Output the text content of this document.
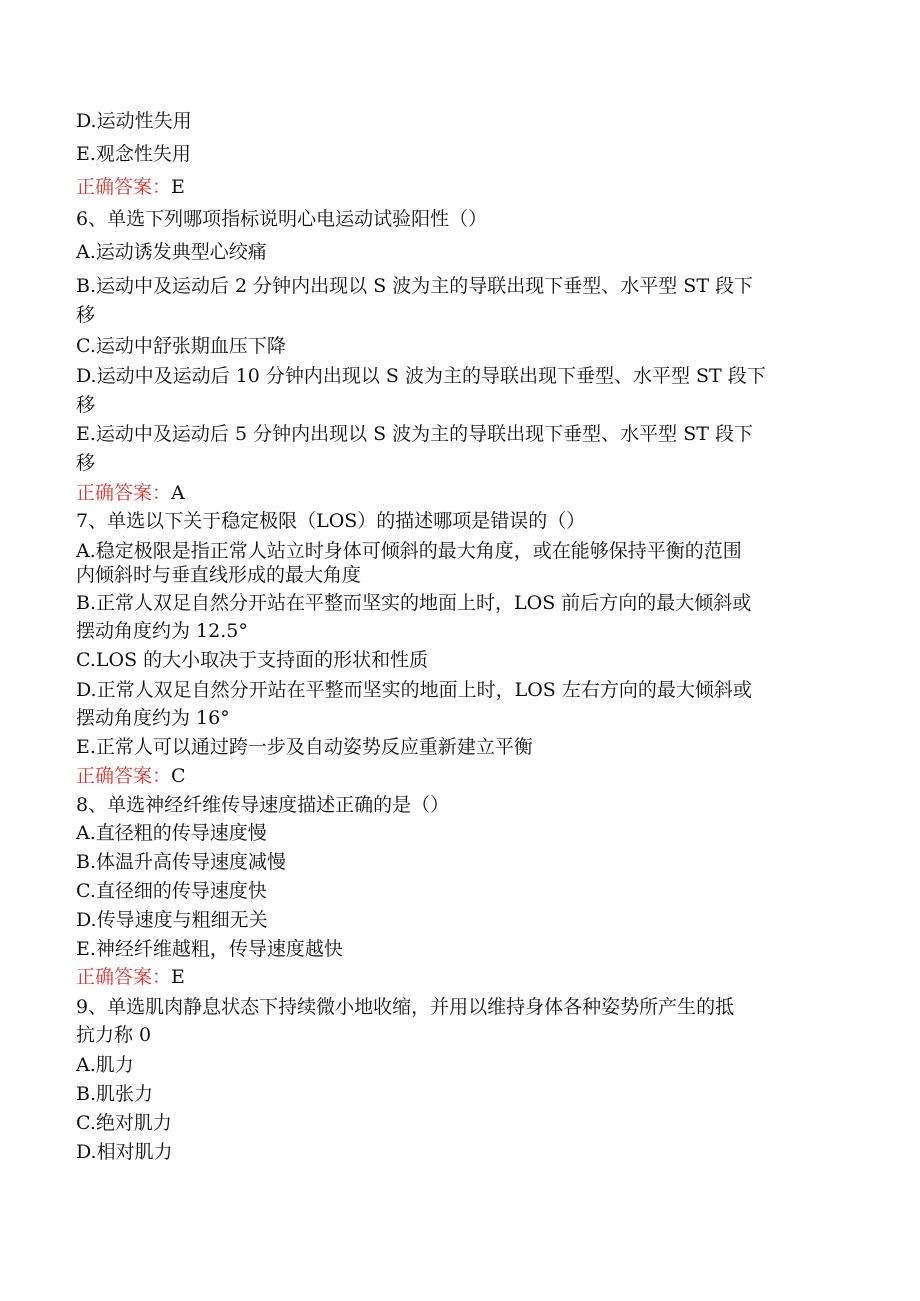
D.运动性失用
E.观念性失用
正确答案：E
6、单选下列哪项指标说明心电运动试验阳性（）
A.运动诱发典型心绞痛
B.运动中及运动后 2 分钟内出现以 S 波为主的导联出现下垂型、水平型 ST 段下
移
C.运动中舒张期血压下降
D.运动中及运动后 10 分钟内出现以 S 波为主的导联出现下垂型、水平型 ST 段下
移
E.运动中及运动后 5 分钟内出现以 S 波为主的导联出现下垂型、水平型 ST 段下
移
正确答案：A
7、单选以下关于稳定极限（LOS）的描述哪项是错误的（）
A.稳定极限是指正常人站立时身体可倾斜的最大角度，或在能够保持平衡的范围
内倾斜时与垂直线形成的最大角度
B.正常人双足自然分开站在平整而坚实的地面上时，LOS 前后方向的最大倾斜或
摆动角度约为 12.5°
C.LOS 的大小取决于支持面的形状和性质
D.正常人双足自然分开站在平整而坚实的地面上时，LOS 左右方向的最大倾斜或
摆动角度约为 16°
E.正常人可以通过跨一步及自动姿势反应重新建立平衡
正确答案：C
8、单选神经纤维传导速度描述正确的是（）
A.直径粗的传导速度慢
B.体温升高传导速度减慢
C.直径细的传导速度快
D.传导速度与粗细无关
E.神经纤维越粗，传导速度越快
正确答案：E
9、单选肌肉静息状态下持续微小地收缩，并用以维持身体各种姿势所产生的抵
抗力称 0
A.肌力
B.肌张力
C.绝对肌力
D.相对肌力
